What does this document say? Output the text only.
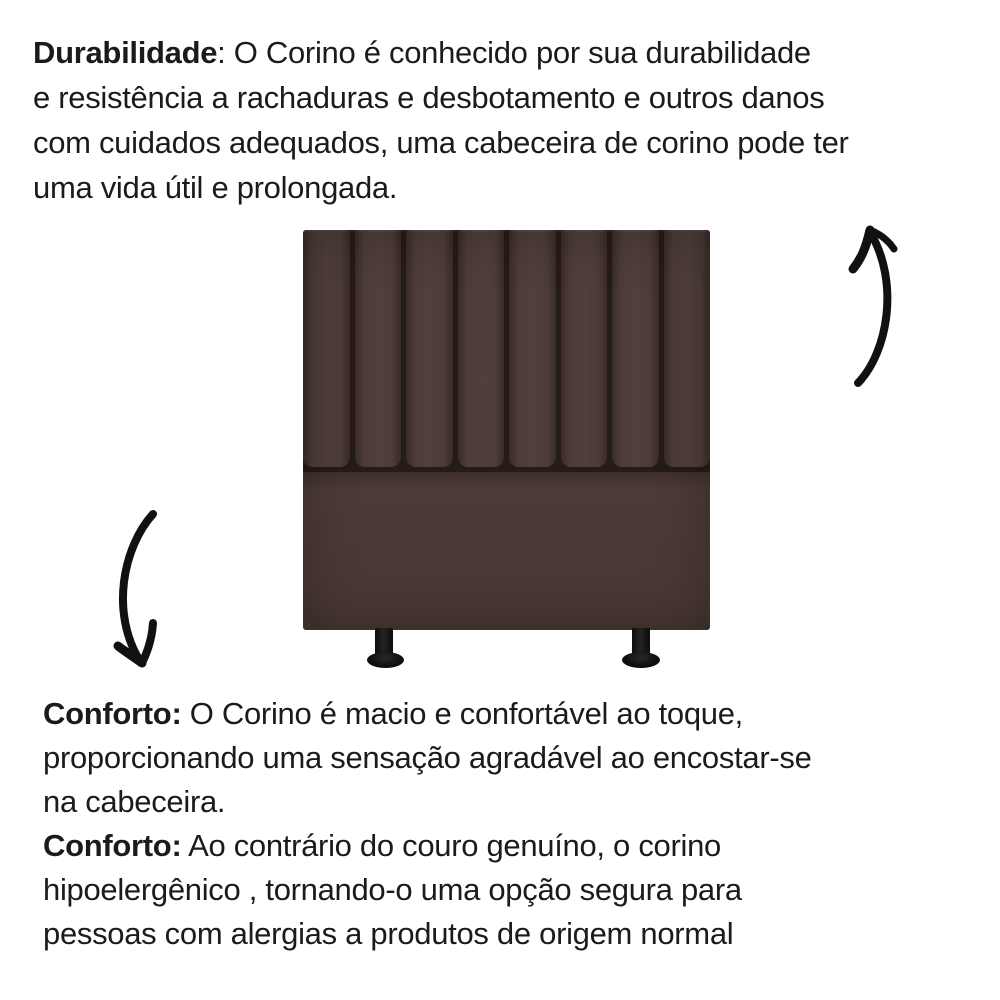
Durabilidade: O Corino é conhecido por sua durabilidade
e resistência a rachaduras e desbotamento e outros danos
com cuidados adequados, uma cabeceira de corino pode ter
uma vida útil e prolongada.
Conforto: O Corino é macio e confortável ao toque,
proporcionando uma sensação agradável ao encostar-se
na cabeceira.
Conforto: Ao contrário do couro genuíno, o corino
hipoelergênico , tornando-o uma opção segura para
pessoas com alergias a produtos de origem normal
